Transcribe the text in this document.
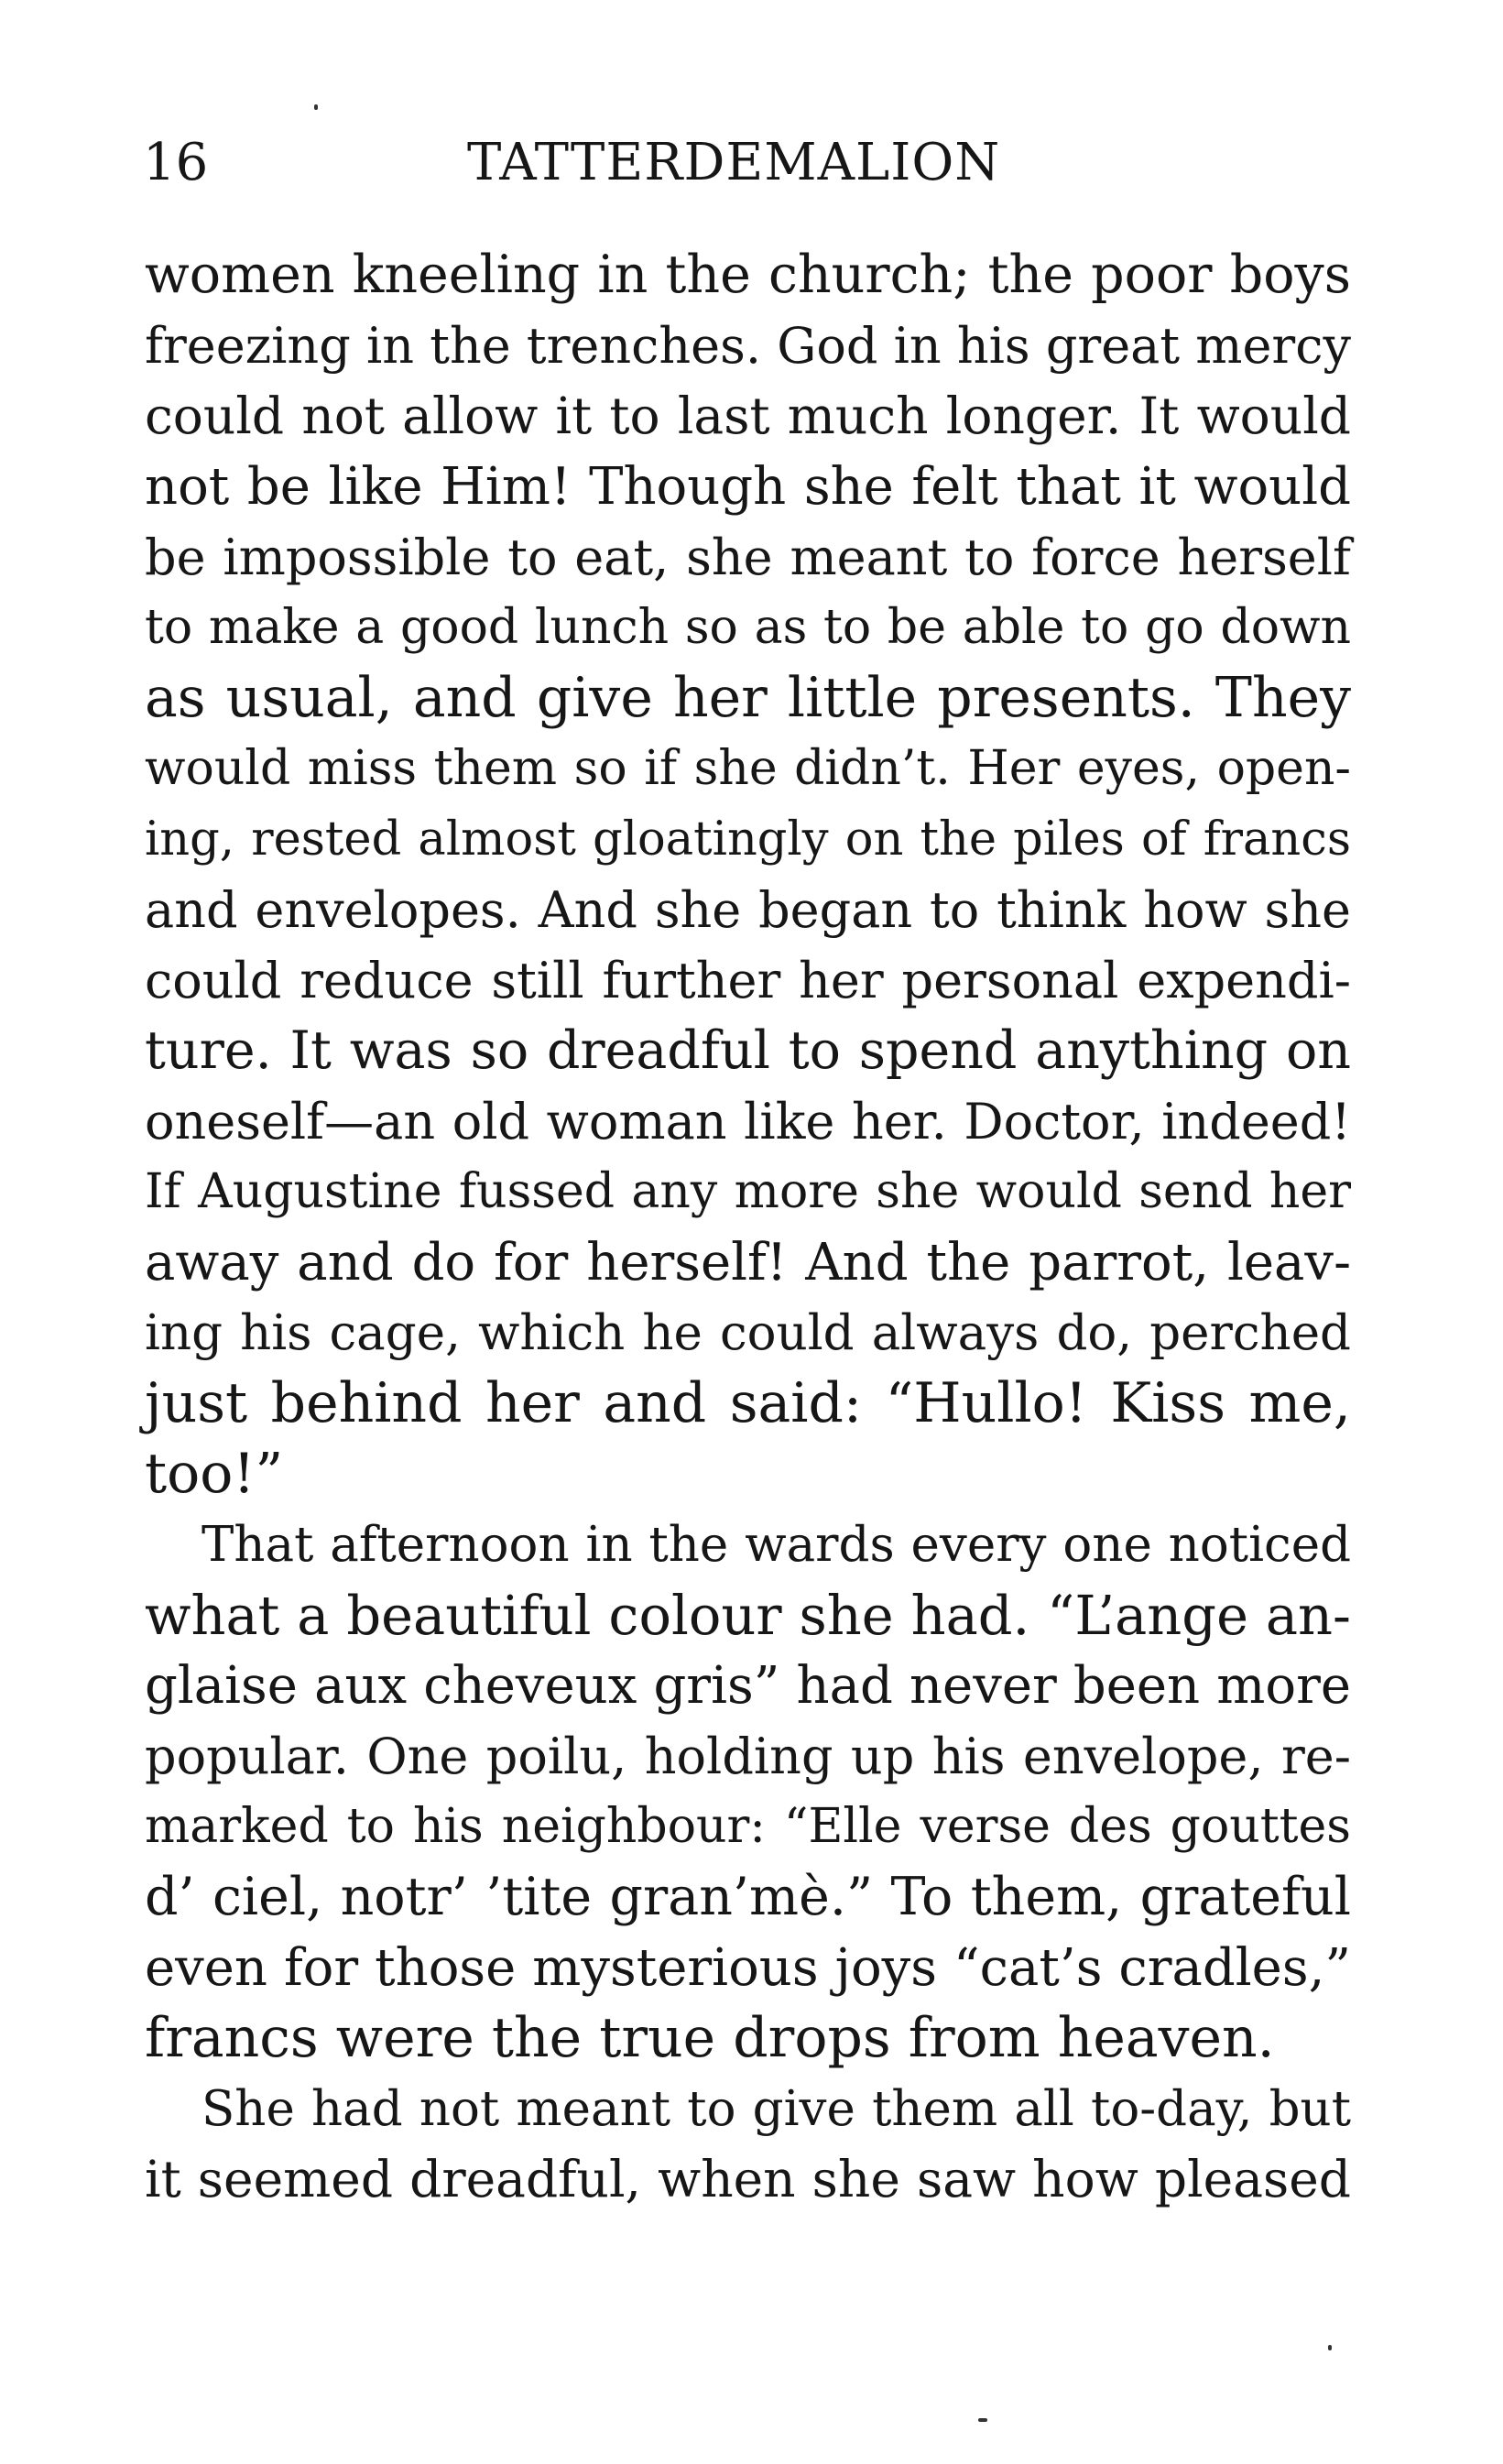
16	TATTERDEMALION
women kneeling in the church; the poor boys
freezing in the trenches. God in his great mercy
could not allow it to last much longer. It would
not be like Him! Though she felt that it would
be impossible to eat, she meant to force herself
to make a good lunch so as to be able to go down
as usual, and give her little presents. They
would miss them so if she didn’t. Her eyes, open-
ing, rested almost gloatingly on the piles of francs
and envelopes. And she began to think how she
could reduce still further her personal expendi-
ture. It was so dreadful to spend anything on
oneself—an old woman like her. Doctor, indeed!
If Augustine fussed any more she would send her
away and do for herself! And the parrot, leav-
ing his cage, which he could always do, perched
just behind her and said: “Hullo! Kiss me,
too!”
That afternoon in the wards every one noticed
what a beautiful colour she had. “L’ange an-
glaise aux cheveux gris” had never been more
popular. One poilu, holding up his envelope, re-
marked to his neighbour: “Elle verse des gouttes
d’ ciel, notr’ ’tite gran’mè.” To them, grateful
even for those mysterious joys “cat’s cradles,”
francs were the true drops from heaven.
She had not meant to give them all to-day, but
it seemed dreadful, when she saw how pleased
